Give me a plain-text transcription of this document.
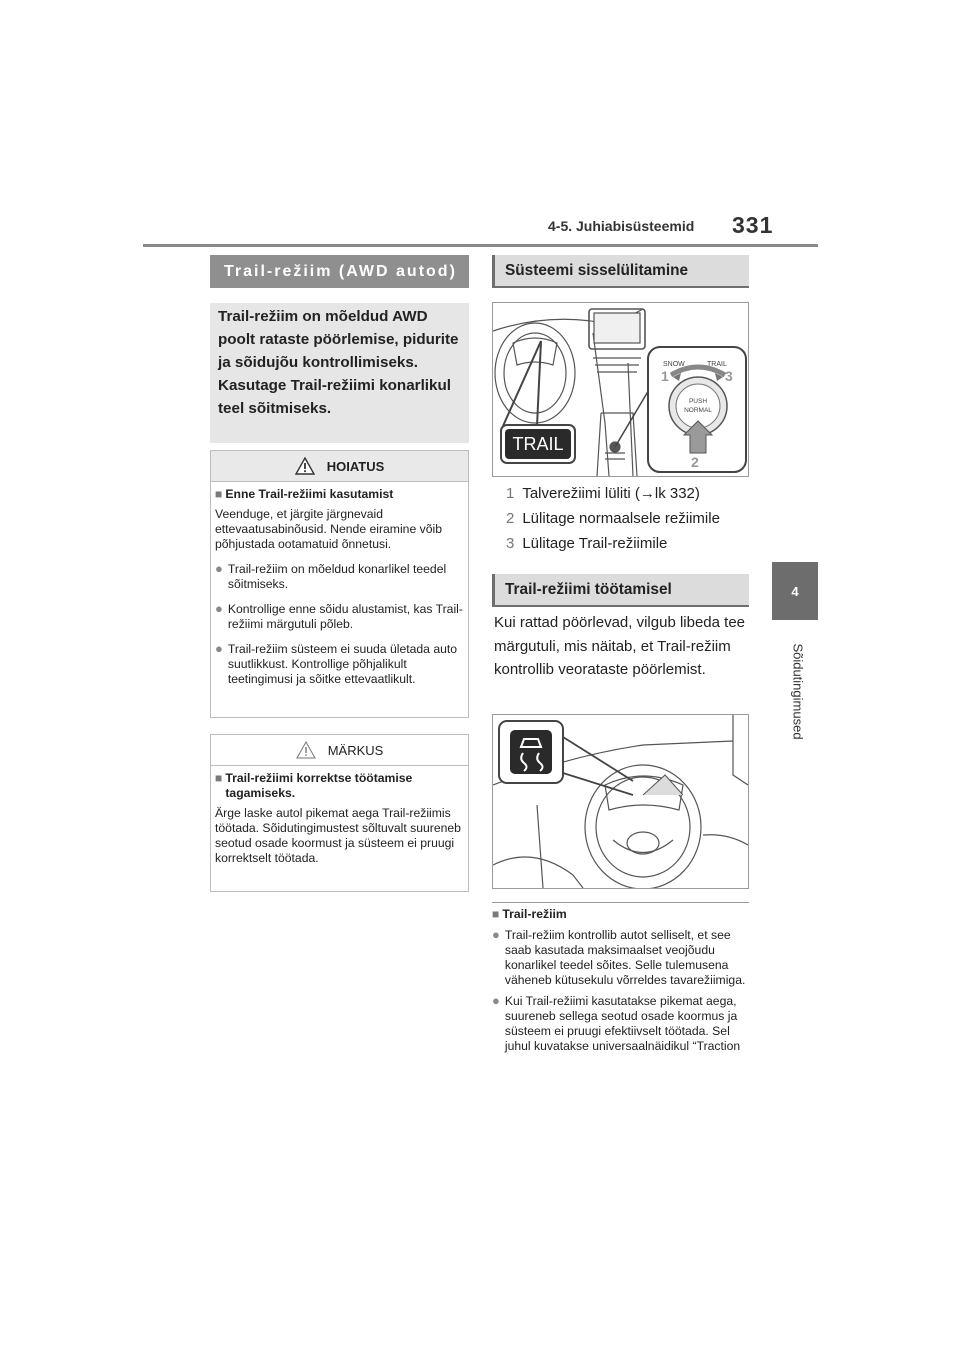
4-5. Juhiabisüsteemid 331
4
Sõidutingimused
Trail-režiim (AWD autod)
Trail-režiim on mõeldud AWD poolt rataste pöörlemise, pidurite ja sõidujõu kontrollimiseks. Kasutage Trail-režiimi konarlikul teel sõitmiseks.
HOIATUS
■ Enne Trail-režiimi kasutamist
Veenduge, et järgite järgnevaid ettevaatusabinõusid. Nende eiramine võib põhjustada ootamatuid õnnetusi.
● Trail-režiim on mõeldud konarlikel teedel sõitmiseks.
● Kontrollige enne sõidu alustamist, kas Trail-režiimi märgutuli põleb.
● Trail-režiim süsteem ei suuda ületada auto suutlikkust. Kontrollige põhjalikult teetingimusi ja sõitke ettevaatlikult.
MÄRKUS
■ Trail-režiimi korrektse töötamise tagamiseks.
Ärge laske autol pikemat aega Trail-režiimis töötada. Sõidutingimustest sõltuvalt suureneb seotud osade koormust ja süsteem ei pruugi korrektselt töötada.
Süsteemi sisselülitamine
TRAIL
SNOW	TRAIL
PUSH
NORMAL
1	3
2
1 Talverežiimi lüliti (→lk 332)
2 Lülitage normaalsele režiimile
3 Lülitage Trail-režiimile
Trail-režiimi töötamisel
Kui rattad pöörlevad, vilgub libeda tee märgutuli, mis näitab, et Trail-režiim kontrollib veorataste pöörlemist.
■ Trail-režiim
● Trail-režiim kontrollib autot selliselt, et see saab kasutada maksimaalset veojõudu konarlikel teedel sõites. Selle tulemusena väheneb kütusekulu võrreldes tavarežiimiga.
● Kui Trail-režiimi kasutatakse pikemat aega, suureneb sellega seotud osade koormus ja süsteem ei pruugi efektiivselt töötada. Sel juhul kuvatakse universaalnäidikul “Traction
